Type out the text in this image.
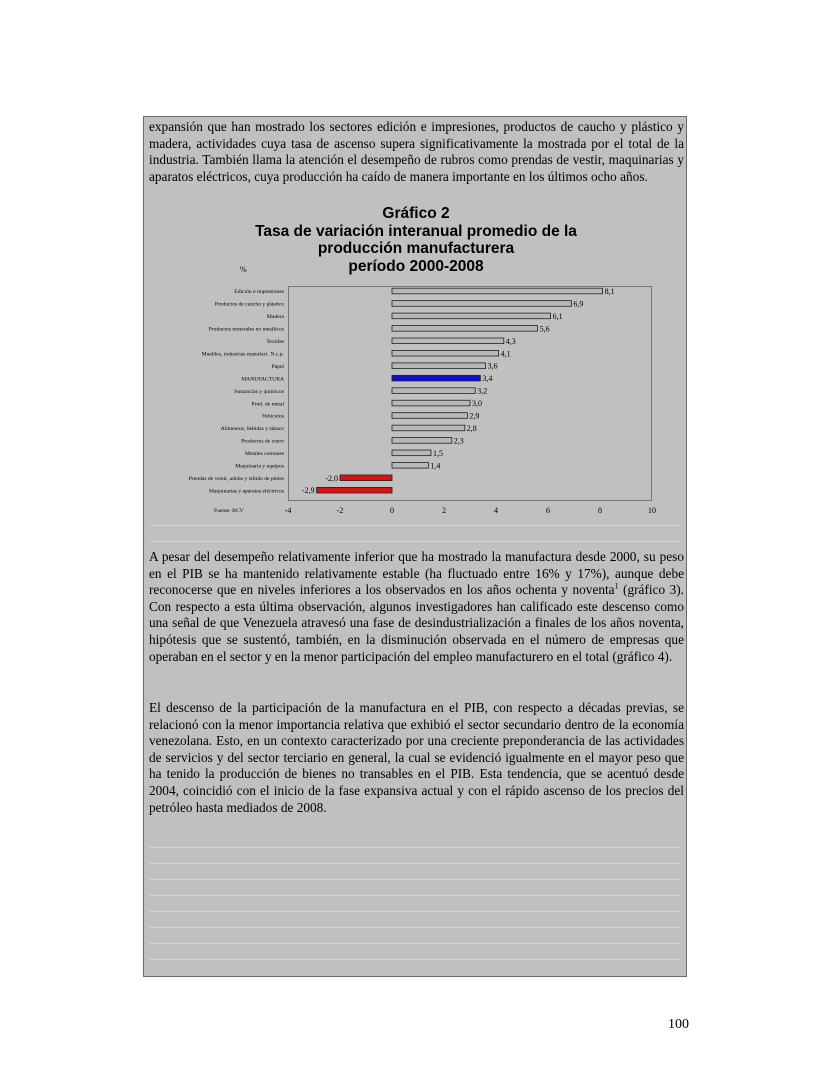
expansión que han mostrado los sectores edición e impresiones, productos de caucho y plástico y madera, actividades cuya tasa de ascenso supera significativamente la mostrada por el total de la industria. También llama la atención el desempeño de rubros como prendas de vestir, maquinarias y aparatos eléctricos, cuya producción ha caído de manera importante en los últimos ocho años.

Gráfico 2
Tasa de variación interanual promedio de la
producción manufacturera
período 2000-2008
%
Edición e impresiones	8,1
Productos de caucho y plástico	6,9
Madera	6,1
Productos minerales no metálicos	5,6
Textiles	4,3
Muebles, industrias manufact. N.c.p.	4,1
Papel	3,6
MANUFACTURA	3,4
Sustancias y químicos	3,2
Prod. de metal	3,0
Vehículos	2,9
Alimentos, bebidas y tabaco	2,8
Productos de cuero	2,3
Metales comunes	1,5
Maquinaria y equipos	1,4
Prendas de vestir, adobo y teñido de pieles	-2,0
Maquinarias y aparatos eléctricos -2,9
-4	-2	0	2	4	6	8	10
Fuente: BCV

A pesar del desempeño relativamente inferior que ha mostrado la manufactura desde 2000, su peso en el PIB se ha mantenido relativamente estable (ha fluctuado entre 16% y 17%), aunque debe reconocerse que en niveles inferiores a los observados en los años ochenta y noventa$^1$ (gráfico 3). Con respecto a esta última observación, algunos investigadores han calificado este descenso como una señal de que Venezuela atravesó una fase de desindustrialización a finales de los años noventa, hipótesis que se sustentó, también, en la disminución observada en el número de empresas que operaban en el sector y en la menor participación del empleo manufacturero en el total (gráfico 4).

El descenso de la participación de la manufactura en el PIB, con respecto a décadas previas, se relacionó con la menor importancia relativa que exhibió el sector secundario dentro de la economía venezolana. Esto, en un contexto caracterizado por una creciente preponderancia de las actividades de servicios y del sector terciario en general, la cual se evidenció igualmente en el mayor peso que ha tenido la producción de bienes no transables en el PIB. Esta tendencia, que se acentuó desde 2004, coincidió con el inicio de la fase expansiva actual y con el rápido ascenso de los precios del petróleo hasta mediados de 2008.

100
